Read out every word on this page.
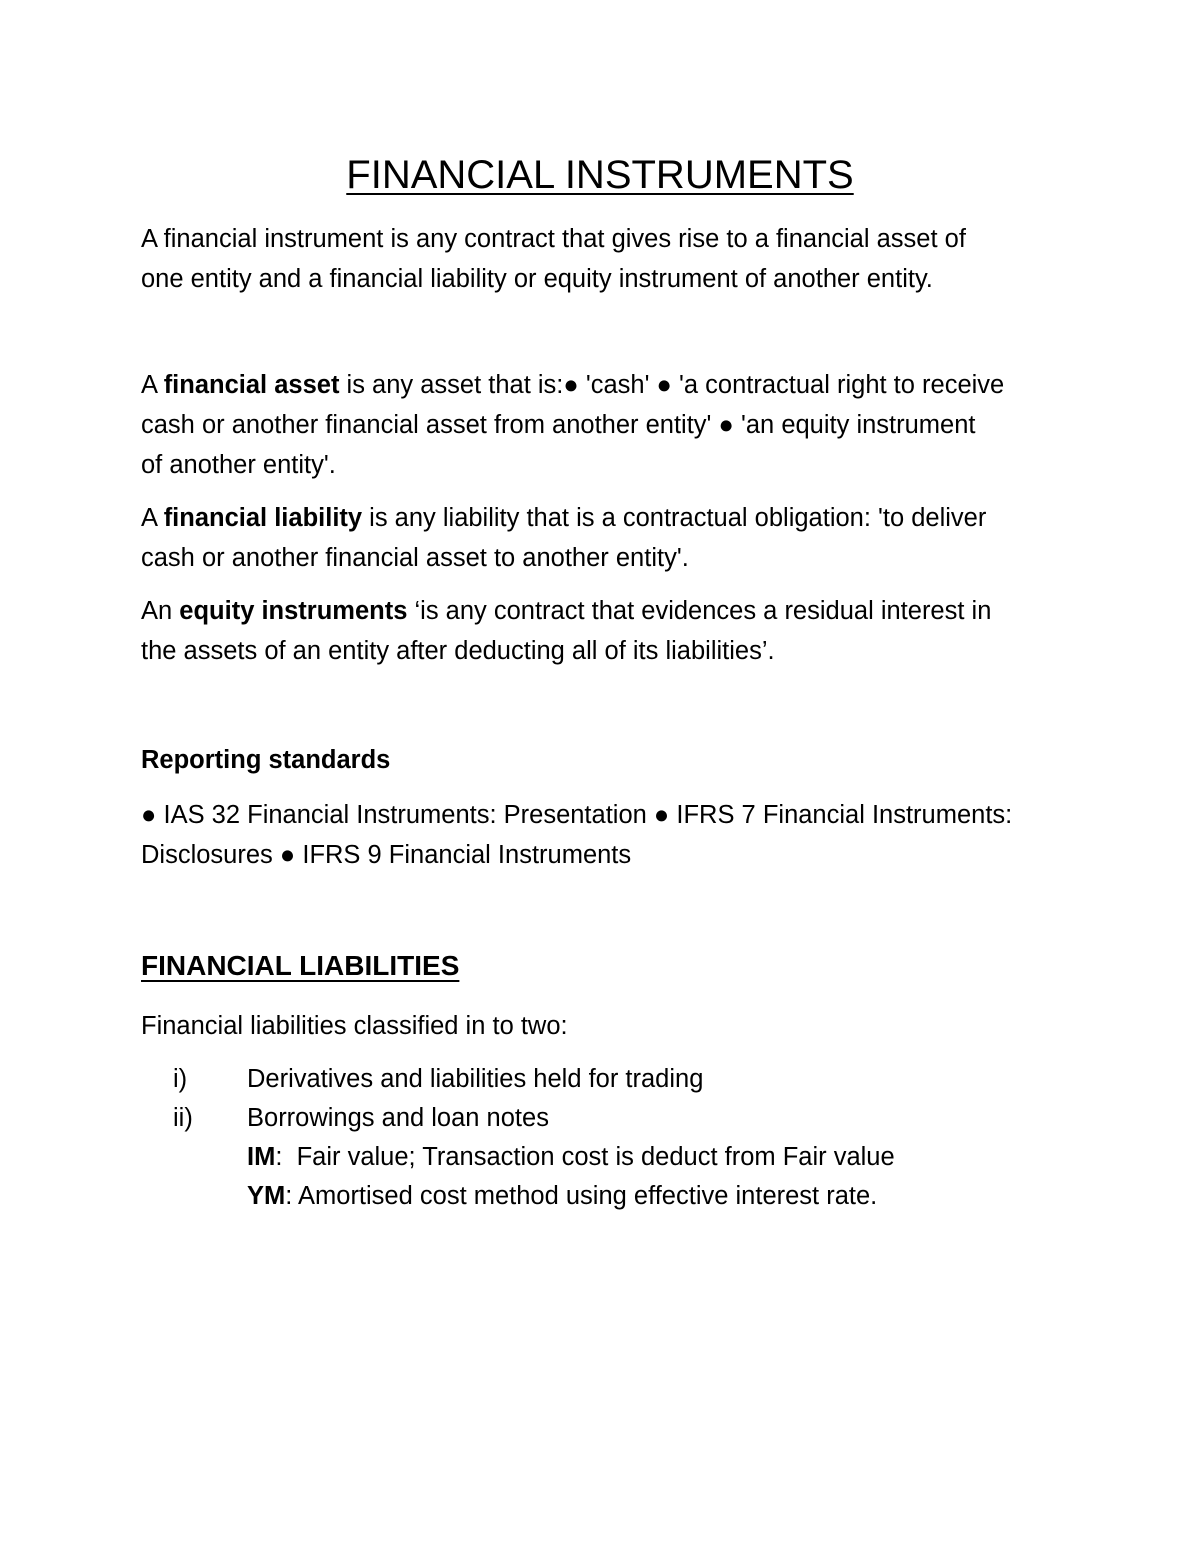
FINANCIAL INSTRUMENTS
A financial instrument is any contract that gives rise to a financial asset of
one entity and a financial liability or equity instrument of another entity.
A financial asset is any asset that is:● 'cash' ● 'a contractual right to receive
cash or another financial asset from another entity' ● 'an equity instrument
of another entity'.
A financial liability is any liability that is a contractual obligation: 'to deliver
cash or another financial asset to another entity'.
An equity instruments ‘is any contract that evidences a residual interest in
the assets of an entity after deducting all of its liabilities’.
Reporting standards
● IAS 32 Financial Instruments: Presentation ● IFRS 7 Financial Instruments:
Disclosures ● IFRS 9 Financial Instruments
FINANCIAL LIABILITIES
Financial liabilities classified in to two:
i) Derivatives and liabilities held for trading
ii) Borrowings and loan notes
IM:  Fair value; Transaction cost is deduct from Fair value
YM: Amortised cost method using effective interest rate.
